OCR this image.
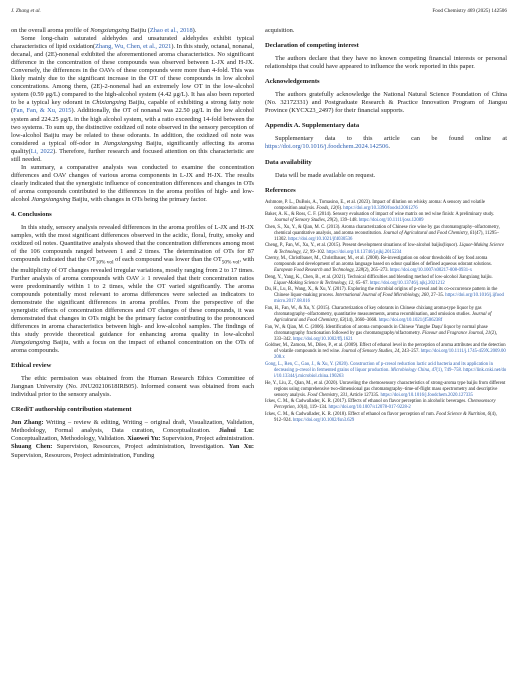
J. Zhang et al.	Food Chemistry 469 (2025) 142506

on the overall aroma profile of Nongxiangxing Baijiu (Zhao et al., 2018).

Some long-chain saturated aldehydes and unsaturated aldehydes exhibit typical characteristics of lipid oxidation(Zhang, Wu, Chen, et al., 2021). In this study, octanal, nonanal, decanal, and (2E)-nonenal exhibited the aforementioned aroma characteristics. No significant difference in the concentration of these compounds was observed between L-JX and H-JX. Conversely, the differences in the OAVs of these compounds were more than 4-fold. This was likely mainly due to the significant increase in the OT of these compounds in low alcohol concentrations. Among them, (2E)-2-nonenal had an extremely low OT in the low-alcohol system (0.59 μg/L) compared to the high-alcohol system (4.42 μg/L). It has also been reported to be a typical key odorant in Chixiangxing Baijiu, capable of exhibiting a strong fatty note (Fan, Fan, & Xu, 2015). Additionally, the OT of nonanal was 22.50 μg/L in the low alcohol system and 224.25 μg/L in the high alcohol system, with a ratio exceeding 14-fold between the two systems. To sum up, the distinctive oxidized oil note observed in the sensory perception of low-alcohol Baijiu may be related to these odorants. In addition, the oxidized oil note was considered a typical off-odor in Jiangxiangxing Baijiu, significantly affecting its aroma quality(Li, 2022). Therefore, further research and focused attention on this characteristic are still needed.

In summary, a comparative analysis was conducted to examine the concentration differences and OAV changes of various aroma components in L-JX and H-JX. The results clearly indicated that the synergistic influence of concentration differences and changes in OTs of aroma compounds contributed to the differences in the aroma profiles of high- and low-alcohol Jiangxiangxing Baijiu, with changes in OTs being the primary factor.

4. Conclusions

In this study, sensory analysis revealed differences in the aroma profiles of L-JX and H-JX samples, with the most significant differences observed in the acidic, floral, fruity, smoky and oxidized oil notes. Quantitative analysis showed that the concentration differences among most of the 106 compounds ranged between 1 and 2 times. The determination of OTs for 87 compounds indicated that the $OT_{10\% vol}$ of each compound was lower than the $OT_{50\% vol}$, with the multiplicity of OT changes revealed irregular variations, mostly ranging from 2 to 17 times. Further analysis of aroma compounds with OAV ≥ 1 revealed that their concentration ratios were predominantly within 1 to 2 times, while the OT varied significantly. The aroma compounds potentially most relevant to aroma differences were selected as indicators to demonstrate the significant differences in aroma profiles. From the perspective of the synergistic effects of concentration differences and OT changes of these compounds, it was demonstrated that changes in OTs might be the primary factor contributing to the pronounced differences in aroma characteristics between high- and low-alcohol samples. The findings of this study provide theoretical guidance for enhancing aroma quality in low-alcohol Jiangxiangxing Baijiu, with a focus on the impact of ethanol concentration on the OTs of aroma compounds.

Ethical review

The ethic permission was obtained from the Human Research Ethics Committee of Jiangnan University (No. JNU20210618IRB05). Informed consent was obtained from each individual prior to the sensory analysis.

CRediT authorship contribution statement

Jun Zhang: Writing – review & editing, Writing – original draft, Visualization, Validation, Methodology, Formal analysis, Data curation, Conceptualization. Jiahui Lu: Conceptualization, Methodology, Validation. Xiaowei Yu: Supervision, Project administration. Shuang Chen: Supervision, Resources, Project administration, Investigation. Yan Xu: Supervision, Resources, Project administration, Funding

acquisition.

Declaration of competing interest

The authors declare that they have no known competing financial interests or personal relationships that could have appeared to influence the work reported in this paper.

Acknowledgements

The authors gratefully acknowledge the National Natural Science Foundation of China (No. 32172331) and Postgraduate Research & Practice Innovation Program of Jiangsu Province (KYCX23_2497) for their financial supports.

Appendix A. Supplementary data

Supplementary data to this article can be found online at https://doi.org/10.1016/j.foodchem.2024.142506.

Data availability

Data will be made available on request.

References
Ashmore, P. L., DuBois, A., Tomasino, E., et al. (2023). Impact of dilution on whisky aroma: A sensory and volatile composition analysis. Foods, 12(6). https://doi.org/10.3390/foods12061276
Baker, A. K., & Ross, C. F. (2014). Sensory evaluation of impact of wine matrix on red wine finish: A preliminary study. Journal of Sensory Studies, 29(2), 139–148. https://doi.org/10.1111/joss.12089
Chen, S., Xu, Y., & Qian, M. C. (2013). Aroma characterization of Chinese rice wine by gas chromatography–olfactometry, chemical quantitative analysis, and aroma reconstitution. Journal of Agricultural and Food Chemistry, 61(47), 11295–11302. https://doi.org/10.1021/jf4030536
Cheng, P., Fan, W., Xu, Y., et al. (2015). Present development situations of low-alcohol baijiu(liquor). Liquor-Making Science & Technology, 12, 99–102. https://doi.org/10.13746/j.njkj.2015234
Czerny, M., Christlbauer, M., Christlbauer, M., et al. (2008). Re-investigation on odour thresholds of key food aroma compounds and development of an aroma language based on odour qualities of defined aqueous odorant solutions. European Food Research and Technology, 228(2), 265–273. https://doi.org/10.1007/s00217-008-0931-x
Deng, Y., Yang, K., Chen, B., et al. (2021). Technical difficulties and blending method of low-alcohol Jiangxiang baijiu. Liquor-Making Science & Technology, 12, 65–67. https://doi.org/10.13746/j.njkj.2021212
Du, H., Lu, B., Wang, X., & Xu, Y. (2017). Exploring the microbial origins of p-cresol and its co-occurrence pattern in the Chinese liquor-making process. International Journal of Food Microbiology, 260, 27–35. https://doi.org/10.1016/j.ijfoodmicro.2017.08.016
Fan, H., Fan, W., & Xu, Y. (2015). Characterization of key odorants in Chinese chixiang aroma-type liquor by gas chromatography–olfactometry, quantitative measurements, aroma recombination, and omission studies. Journal of Agricultural and Food Chemistry, 63(14), 3660–3668. https://doi.org/10.1021/jf506238f
Fan, W., & Qian, M. C. (2006). Identification of aroma compounds in Chinese 'Yanghe Daqu' liquor by normal phase chromatography fractionation followed by gas chromatography/olfactometry. Flavour and Fragrance Journal, 21(2), 333–342. https://doi.org/10.1002/ffj.1621
Goldner, M., Zamora, M., Dileo, P., et al. (2009). Effect of ethanol level in the perception of aroma attributes and the detection of volatile compounds in red wine. Journal of Sensory Studies, 24, 243–257. https://doi.org/10.1111/j.1745-459X.2009.00208.x
Gong, L., Ren, C., Gao, J., & Xu, Y. (2020). Construction of p-cresol reduction lactic acid bacteria and its application in decreasing p-cresol in fermented grains of liquor production. Microbiology China, 47(1), 749–758. https://link.cnki.net/doi/10.13344/j.microbiol.china.190263
He, Y., Liu, Z., Qian, M., et al. (2020). Unraveling the chemosensory characteristics of strong-aroma type baijiu from different regions using comprehensive two-dimensional gas chromatography–time-of-flight mass spectrometry and descriptive sensory analysis. Food Chemistry, 331, Article 127335. https://doi.org/10.1016/j.foodchem.2020.127335
Ickes, C. M., & Cadwallader, K. R. (2017). Effects of ethanol on flavor perception in alcoholic beverages. Chemosensory Perception, 10(4), 119–134. https://doi.org/10.1007/s12078-017-9228-2
Ickes, C. M., & Cadwallader, K. R. (2018). Effect of ethanol on flavor perception of rum. Food Science & Nutrition, 6(4), 912–924. https://doi.org/10.1002/fsn3.629
